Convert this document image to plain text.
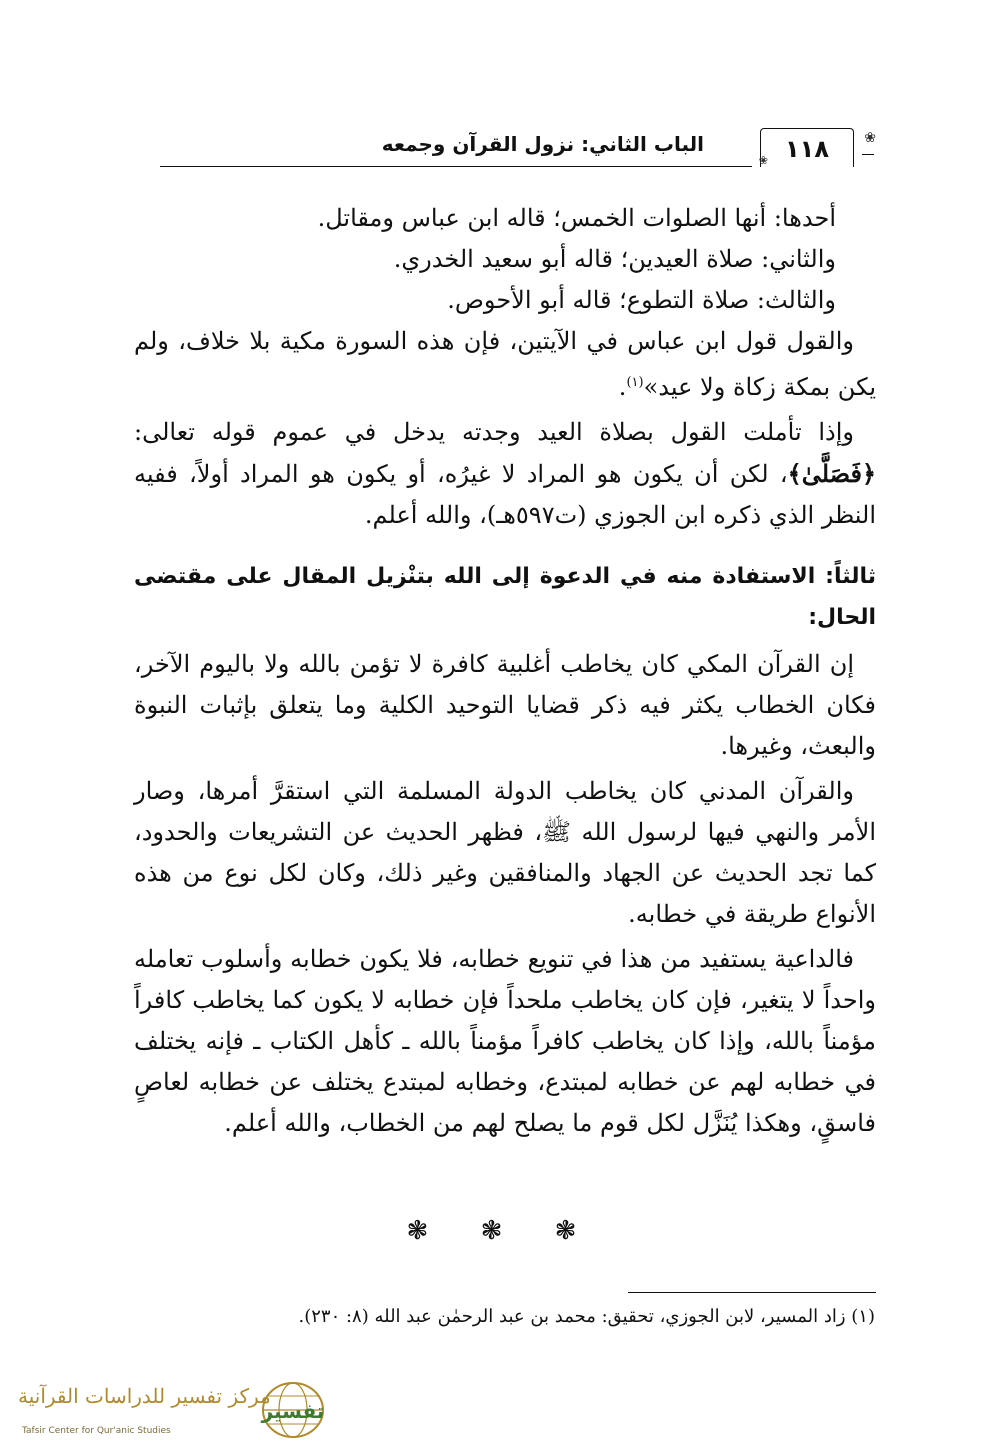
الباب الثاني: نزول القرآن وجمعه	١١٨	❀
❀

أحدها: أنها الصلوات الخمس؛ قاله ابن عباس ومقاتل.

والثاني: صلاة العيدين؛ قاله أبو سعيد الخدري.

والثالث: صلاة التطوع؛ قاله أبو الأحوص.

والقول قول ابن عباس في الآيتين، فإن هذه السورة مكية بلا خلاف، ولم يكن بمكة زكاة ولا عيد»$^{(١)}$.

وإذا تأملت القول بصلاة العيد وجدته يدخل في عموم قوله تعالى: ﴿فَصَلَّىٰ﴾، لكن أن يكون هو المراد لا غيرُه، أو يكون هو المراد أولاً، ففيه النظر الذي ذكره ابن الجوزي (ت٥٩٧هـ)، والله أعلم.

ثالثاً: الاستفادة منه في الدعوة إلى الله بتنْزيل المقال على مقتضى الحال:

إن القرآن المكي كان يخاطب أغلبية كافرة لا تؤمن بالله ولا باليوم الآخر، فكان الخطاب يكثر فيه ذكر قضايا التوحيد الكلية وما يتعلق بإثبات النبوة والبعث، وغيرها.

والقرآن المدني كان يخاطب الدولة المسلمة التي استقرَّ أمرها، وصار الأمر والنهي فيها لرسول الله ﷺ، فظهر الحديث عن التشريعات والحدود، كما تجد الحديث عن الجهاد والمنافقين وغير ذلك، وكان لكل نوع من هذه الأنواع طريقة في خطابه.

فالداعية يستفيد من هذا في تنويع خطابه، فلا يكون خطابه وأسلوب تعامله واحداً لا يتغير، فإن كان يخاطب ملحداً فإن خطابه لا يكون كما يخاطب كافراً مؤمناً بالله، وإذا كان يخاطب كافراً مؤمناً بالله ـ كأهل الكتاب ـ فإنه يختلف في خطابه لهم عن خطابه لمبتدع، وخطابه لمبتدع يختلف عن خطابه لعاصٍ فاسقٍ، وهكذا يُنَزَّل لكل قوم ما يصلح لهم من الخطاب، والله أعلم.

❃ ❃ ❃
(١) زاد المسير، لابن الجوزي، تحقيق: محمد بن عبد الرحمٰن عبد الله (٨: ٢٣٠).
تفسير
مركز تفسير للدراسات القرآنية
Tafsir Center for Qur'anic Studies
